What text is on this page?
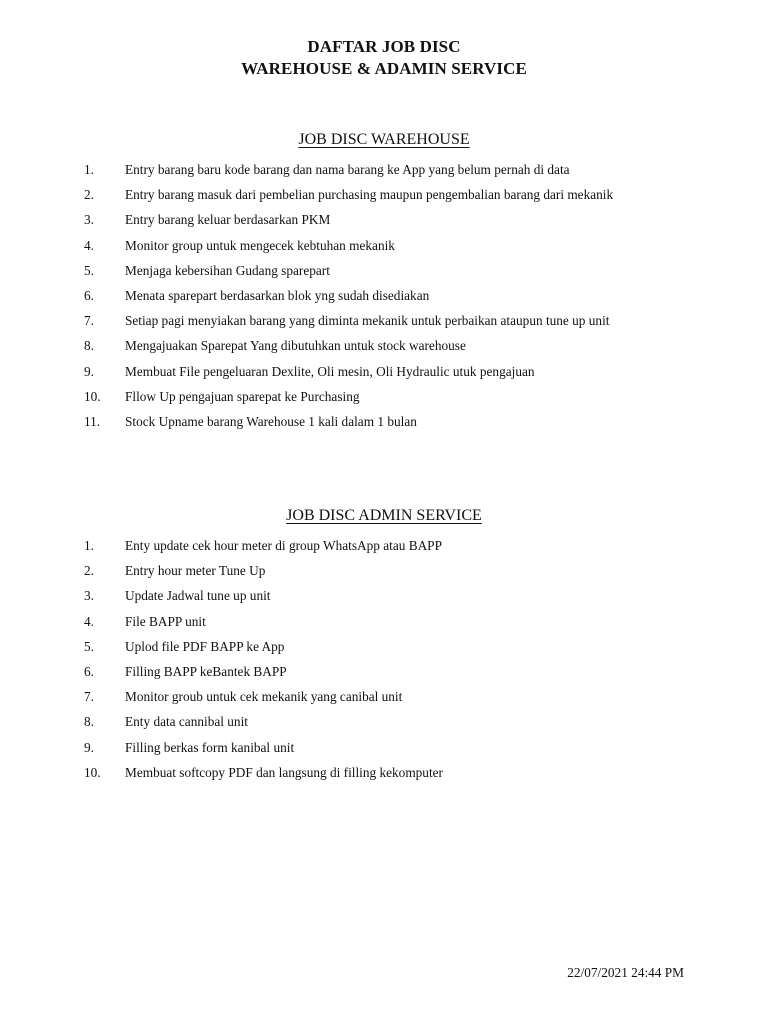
DAFTAR JOB DISC
WAREHOUSE & ADAMIN SERVICE
JOB DISC WAREHOUSE
1. Entry barang baru kode barang dan nama barang ke App yang belum pernah di data
2. Entry barang masuk dari pembelian purchasing maupun pengembalian barang dari mekanik
3. Entry barang keluar berdasarkan PKM
4. Monitor group untuk mengecek kebtuhan mekanik
5. Menjaga kebersihan Gudang sparepart
6. Menata sparepart berdasarkan blok yng sudah disediakan
7. Setiap pagi menyiakan barang yang diminta mekanik untuk perbaikan ataupun tune up unit
8. Mengajuakan Sparepat Yang dibutuhkan untuk stock warehouse
9. Membuat File pengeluaran Dexlite, Oli mesin, Oli Hydraulic utuk pengajuan
10. Fllow Up pengajuan sparepat ke Purchasing
11. Stock Upname barang Warehouse 1 kali dalam 1 bulan
JOB DISC ADMIN SERVICE
1. Enty update cek hour meter di group WhatsApp atau BAPP
2. Entry hour meter Tune Up
3. Update Jadwal tune up unit
4. File BAPP unit
5. Uplod file PDF BAPP ke App
6. Filling BAPP keBantek BAPP
7. Monitor groub untuk cek mekanik yang canibal unit
8. Enty data cannibal unit
9. Filling berkas form kanibal unit
10. Membuat softcopy PDF dan langsung di filling kekomputer
22/07/2021 24:44 PM
